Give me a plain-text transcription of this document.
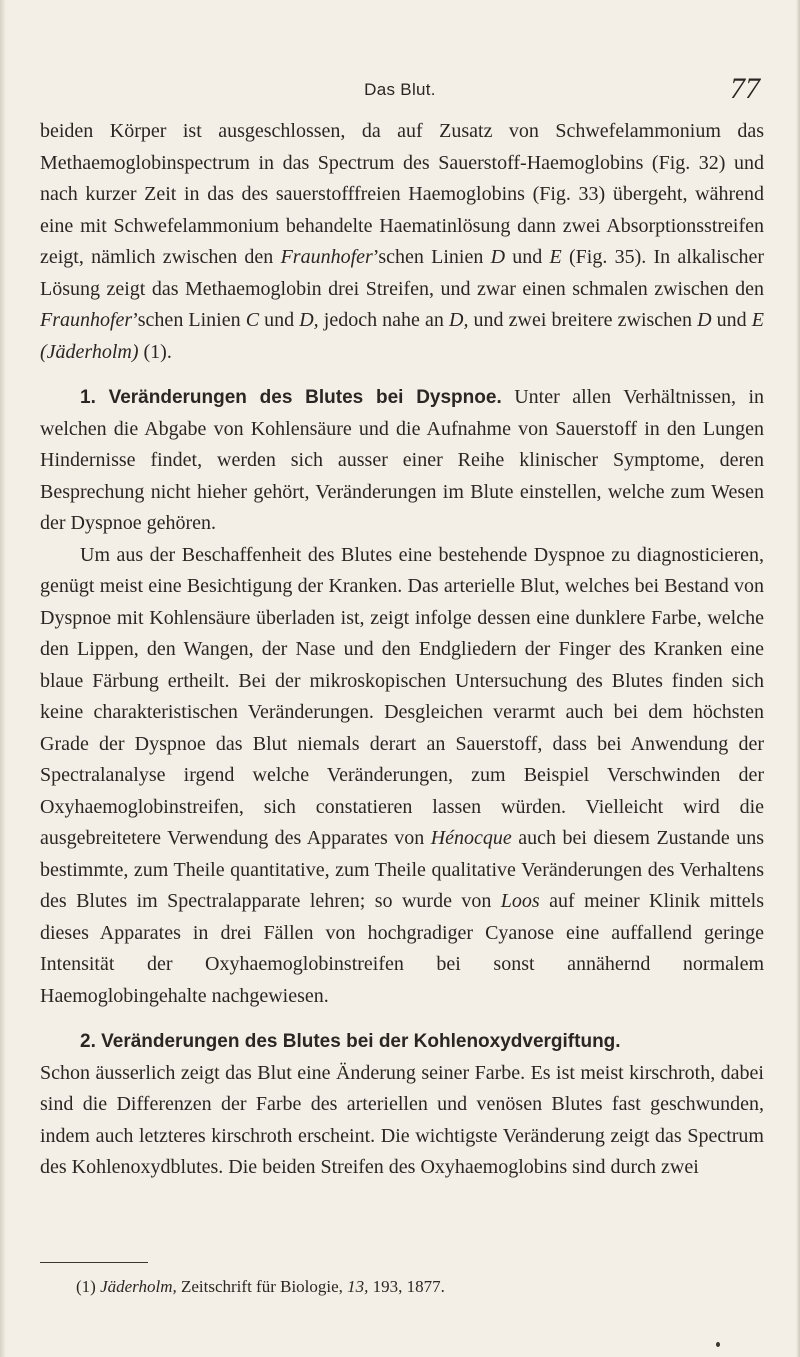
Das Blut.	77

beiden Körper ist ausgeschlossen, da auf Zusatz von Schwefelammonium das Methaemoglobinspectrum in das Spectrum des Sauerstoff-Haemoglobins (Fig. 32) und nach kurzer Zeit in das des sauerstofffreien Haemoglobins (Fig. 33) übergeht, während eine mit Schwefelammonium behandelte Haematinlösung dann zwei Absorptionsstreifen zeigt, nämlich zwischen den Fraunhofer’schen Linien D und E (Fig. 35). In alkalischer Lösung zeigt das Methaemoglobin drei Streifen, und zwar einen schmalen zwischen den Fraunhofer’schen Linien C und D, jedoch nahe an D, und zwei breitere zwischen D und E (Jäderholm) (1).

1. Veränderungen des Blutes bei Dyspnoe. Unter allen Verhältnissen, in welchen die Abgabe von Kohlensäure und die Aufnahme von Sauerstoff in den Lungen Hindernisse findet, werden sich ausser einer Reihe klinischer Symptome, deren Besprechung nicht hieher gehört, Veränderungen im Blute einstellen, welche zum Wesen der Dyspnoe gehören.

Um aus der Beschaffenheit des Blutes eine bestehende Dyspnoe zu diagnosticieren, genügt meist eine Besichtigung der Kranken. Das arterielle Blut, welches bei Bestand von Dyspnoe mit Kohlensäure überladen ist, zeigt infolge dessen eine dunklere Farbe, welche den Lippen, den Wangen, der Nase und den Endgliedern der Finger des Kranken eine blaue Färbung ertheilt. Bei der mikroskopischen Untersuchung des Blutes finden sich keine charakteristischen Veränderungen. Desgleichen verarmt auch bei dem höchsten Grade der Dyspnoe das Blut niemals derart an Sauerstoff, dass bei Anwendung der Spectralanalyse irgend welche Veränderungen, zum Beispiel Verschwinden der Oxyhaemoglobinstreifen, sich constatieren lassen würden. Vielleicht wird die ausgebreitetere Verwendung des Apparates von Hénocque auch bei diesem Zustande uns bestimmte, zum Theile quantitative, zum Theile qualitative Veränderungen des Verhaltens des Blutes im Spectralapparate lehren; so wurde von Loos auf meiner Klinik mittels dieses Apparates in drei Fällen von hochgradiger Cyanose eine auffallend geringe Intensität der Oxyhaemoglobinstreifen bei sonst annähernd normalem Haemoglobingehalte nachgewiesen.

2. Veränderungen des Blutes bei der Kohlenoxydvergiftung.
Schon äusserlich zeigt das Blut eine Änderung seiner Farbe. Es ist meist kirschroth, dabei sind die Differenzen der Farbe des arteriellen und venösen Blutes fast geschwunden, indem auch letzteres kirschroth erscheint. Die wichtigste Veränderung zeigt das Spectrum des Kohlenoxydblutes. Die beiden Streifen des Oxyhaemoglobins sind durch zwei

(1) Jäderholm, Zeitschrift für Biologie, 13, 193, 1877.
